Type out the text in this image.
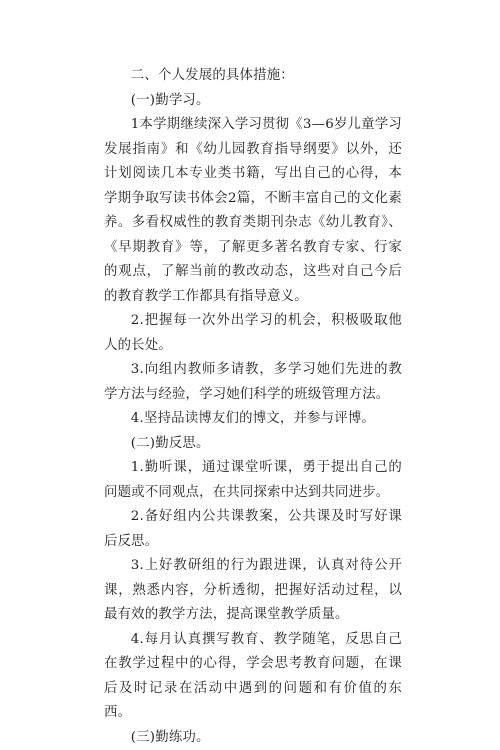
二、个人发展的具体措施：

(一)勤学习。

1本学期继续深入学习贯彻《3—6岁儿童学习发展指南》和《幼儿园教育指导纲要》以外，还计划阅读几本专业类书籍，写出自己的心得，本学期争取写读书体会2篇，不断丰富自己的文化素养。多看权威性的教育类期刊杂志《幼儿教育》、《早期教育》等，了解更多著名教育专家、行家的观点，了解当前的教改动态，这些对自己今后的教育教学工作都具有指导意义。

2.把握每一次外出学习的机会，积极吸取他人的长处。

3.向组内教师多请教，多学习她们先进的教学方法与经验，学习她们科学的班级管理方法。

4.坚持品读博友们的博文，并参与评博。

(二)勤反思。

1.勤听课，通过课堂听课，勇于提出自己的问题或不同观点，在共同探索中达到共同进步。

2.备好组内公共课教案，公共课及时写好课后反思。

3.上好教研组的行为跟进课，认真对待公开课，熟悉内容，分析透彻，把握好活动过程，以最有效的教学方法，提高课堂教学质量。

4.每月认真撰写教育、教学随笔，反思自己在教学过程中的心得，学会思考教育问题，在课后及时记录在活动中遇到的问题和有价值的东西。

(三)勤练功。
